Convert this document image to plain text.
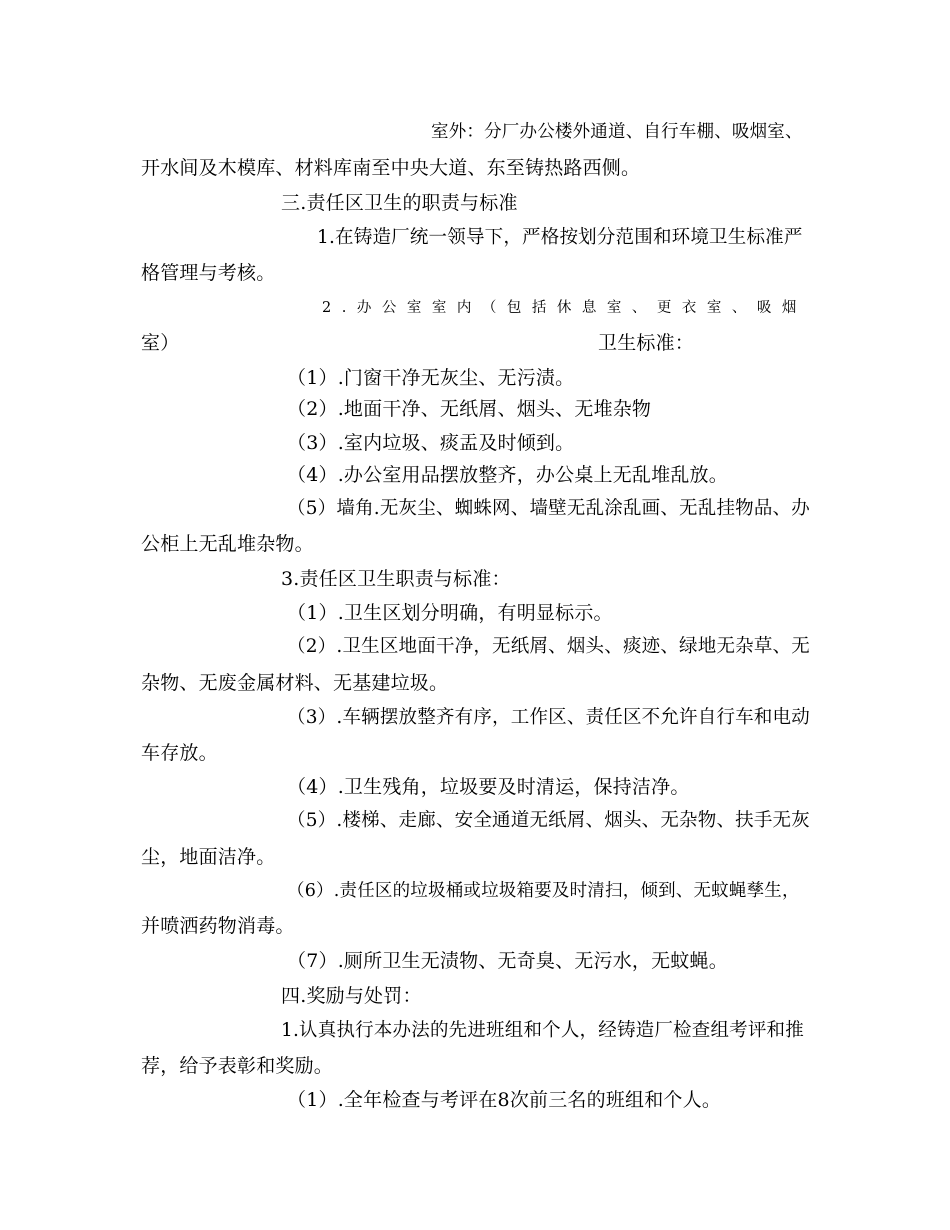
室外：分厂办公楼外通道、自行车棚、吸烟室、
开水间及木模库、材料库南至中央大道、东至铸热路西侧。
三.责任区卫生的职责与标准
1.在铸造厂统一领导下，严格按划分范围和环境卫生标准严
格管理与考核。
2.办公室室内（包括休息室、更衣室、吸烟
室）	卫生标准：
（1）.门窗干净无灰尘、无污渍。
（2）.地面干净、无纸屑、烟头、无堆杂物
（3）.室内垃圾、痰盂及时倾到。
（4）.办公室用品摆放整齐，办公桌上无乱堆乱放。
（5）墙角.无灰尘、蜘蛛网、墙壁无乱涂乱画、无乱挂物品、办
公柜上无乱堆杂物。
3.责任区卫生职责与标准：
（1）.卫生区划分明确，有明显标示。
（2）.卫生区地面干净，无纸屑、烟头、痰迹、绿地无杂草、无
杂物、无废金属材料、无基建垃圾。
（3）.车辆摆放整齐有序，工作区、责任区不允许自行车和电动
车存放。
（4）.卫生残角，垃圾要及时清运，保持洁净。
（5）.楼梯、走廊、安全通道无纸屑、烟头、无杂物、扶手无灰
尘，地面洁净。
（6）.责任区的垃圾桶或垃圾箱要及时清扫，倾到、无蚊蝇孳生，
并喷洒药物消毒。
（7）.厕所卫生无渍物、无奇臭、无污水，无蚊蝇。
四.奖励与处罚：
1.认真执行本办法的先进班组和个人，经铸造厂检查组考评和推
荐，给予表彰和奖励。
（1）.全年检查与考评在8次前三名的班组和个人。
